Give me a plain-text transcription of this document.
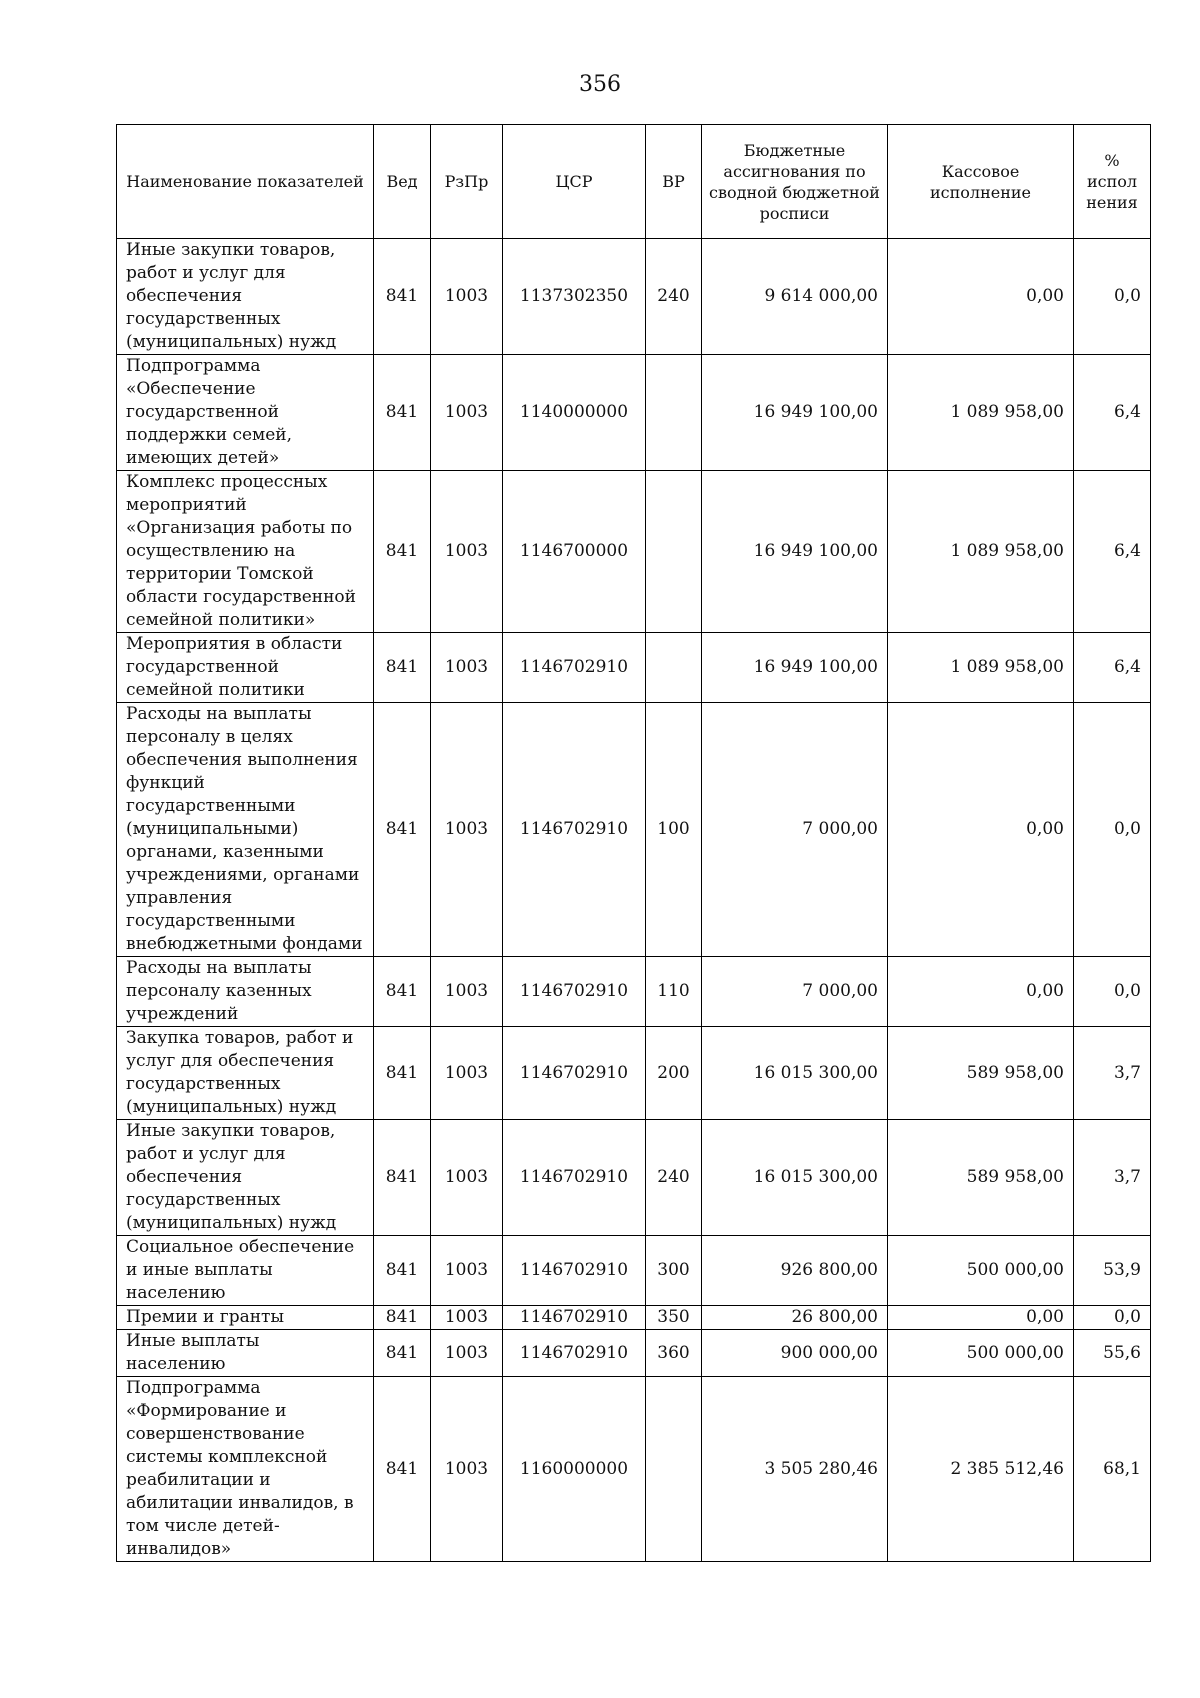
356
Наименование показателей	Вед	РзПр	ЦСР	ВР	Бюджетные ассигнования по сводной бюджетной росписи	Кассовое исполнение	% испол нения
Иные закупки товаров, работ и услуг для обеспечения государственных (муниципальных) нужд	841	1003	1137302350	240	9 614 000,00	0,00	0,0
Подпрограмма «Обеспечение государственной поддержки семей, имеющих детей»	841	1003	1140000000		16 949 100,00	1 089 958,00	6,4
Комплекс процессных мероприятий «Организация работы по осуществлению на территории Томской области государственной семейной политики»	841	1003	1146700000		16 949 100,00	1 089 958,00	6,4
Мероприятия в области государственной семейной политики	841	1003	1146702910		16 949 100,00	1 089 958,00	6,4
Расходы на выплаты персоналу в целях обеспечения выполнения функций государственными (муниципальными) органами, казенными учреждениями, органами управления государственными внебюджетными фондами	841	1003	1146702910	100	7 000,00	0,00	0,0
Расходы на выплаты персоналу казенных учреждений	841	1003	1146702910	110	7 000,00	0,00	0,0
Закупка товаров, работ и услуг для обеспечения государственных (муниципальных) нужд	841	1003	1146702910	200	16 015 300,00	589 958,00	3,7
Иные закупки товаров, работ и услуг для обеспечения государственных (муниципальных) нужд	841	1003	1146702910	240	16 015 300,00	589 958,00	3,7
Социальное обеспечение и иные выплаты населению	841	1003	1146702910	300	926 800,00	500 000,00	53,9
Премии и гранты	841	1003	1146702910	350	26 800,00	0,00	0,0
Иные выплаты населению	841	1003	1146702910	360	900 000,00	500 000,00	55,6
Подпрограмма «Формирование и совершенствование системы комплексной реабилитации и абилитации инвалидов, в том числе детей-инвалидов»	841	1003	1160000000		3 505 280,46	2 385 512,46	68,1
